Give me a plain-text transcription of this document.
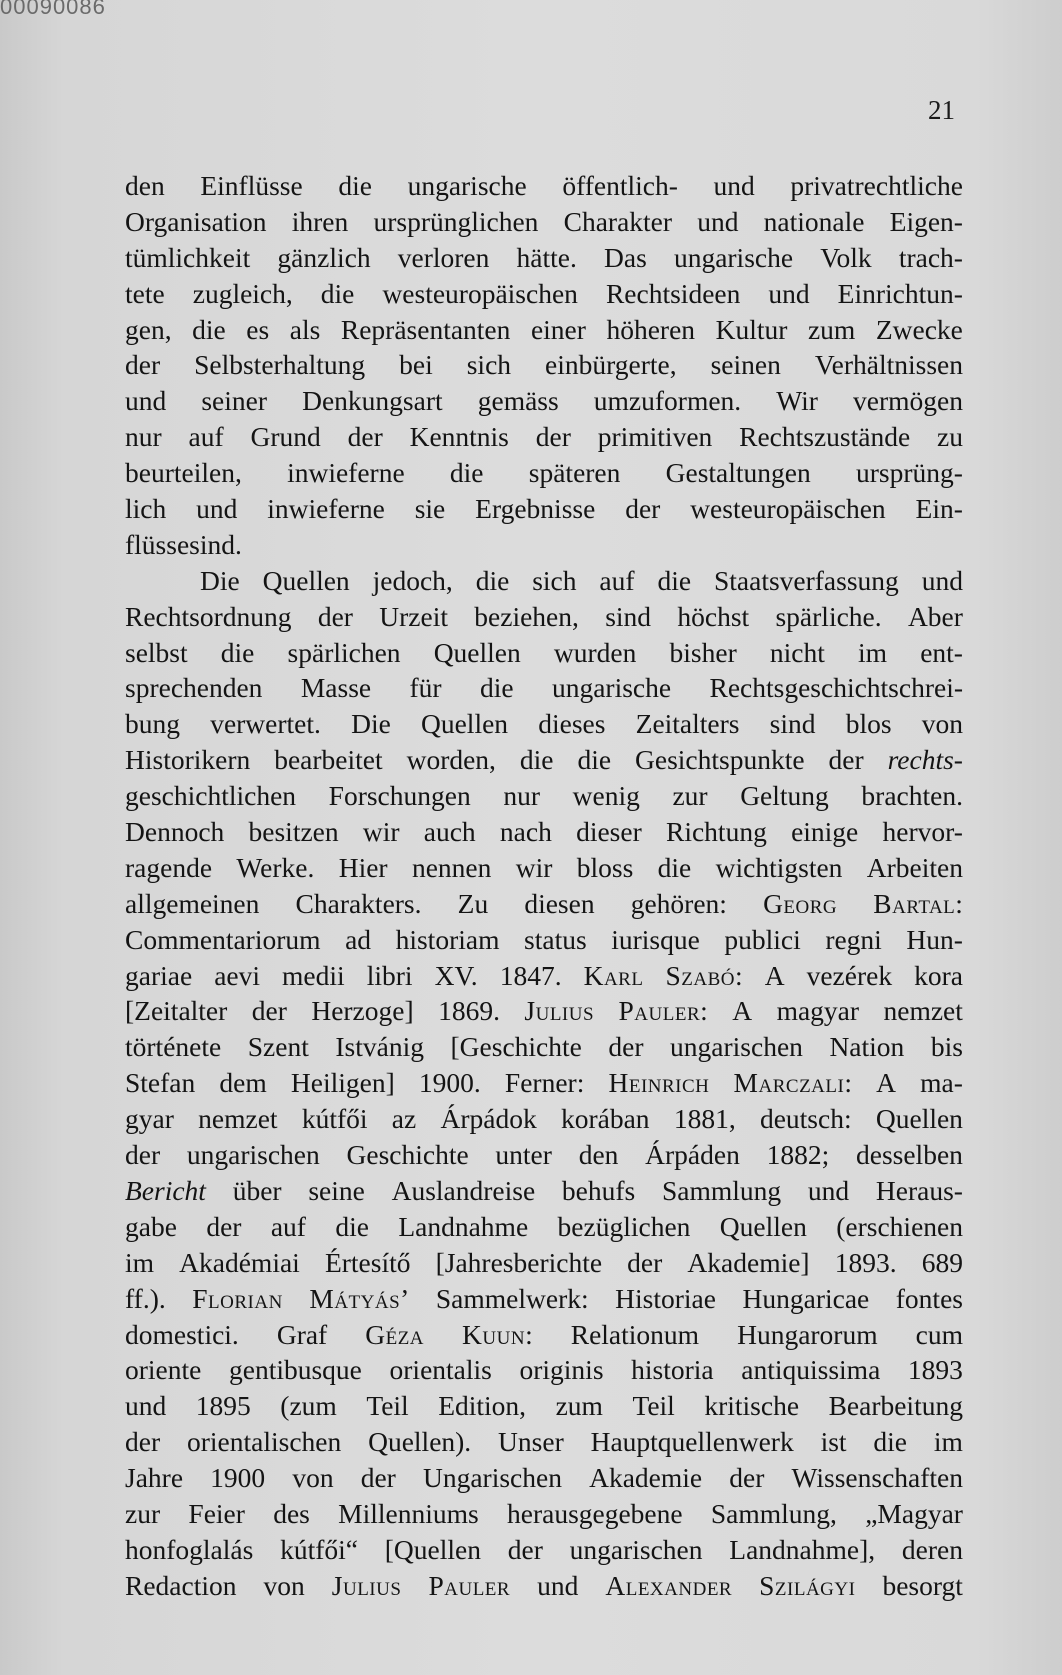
00090086
21
den Einflüsse die ungarische öffentlich- und privatrechtliche
Organisation ihren ursprünglichen Charakter und nationale Eigen-
tümlichkeit gänzlich verloren hätte. Das ungarische Volk trach-
tete zugleich, die westeuropäischen Rechtsideen und Einrichtun-
gen, die es als Repräsentanten einer höheren Kultur zum Zwecke
der Selbsterhaltung bei sich einbürgerte, seinen Verhältnissen
und seiner Denkungsart gemäss umzuformen. Wir vermögen
nur auf Grund der Kenntnis der primitiven Rechtszustände zu
beurteilen, inwieferne die späteren Gestaltungen ursprüng-
lich und inwieferne sie Ergebnisse der westeuropäischen Ein-
flüsse sind.
Die Quellen jedoch, die sich auf die Staatsverfassung und
Rechtsordnung der Urzeit beziehen, sind höchst spärliche. Aber
selbst die spärlichen Quellen wurden bisher nicht im ent-
sprechenden Masse für die ungarische Rechtsgeschichtschrei-
bung verwertet. Die Quellen dieses Zeitalters sind blos von
Historikern bearbeitet worden, die die Gesichtspunkte der rechts-
geschichtlichen Forschungen nur wenig zur Geltung brachten.
Dennoch besitzen wir auch nach dieser Richtung einige hervor-
ragende Werke. Hier nennen wir bloss die wichtigsten Arbeiten
allgemeinen Charakters. Zu diesen gehören: Georg Bartal:
Commentariorum ad historiam status iurisque publici regni Hun-
gariae aevi medii libri XV. 1847. Karl Szabó: A vezérek kora
[Zeitalter der Herzoge] 1869. Julius Pauler: A magyar nemzet
története Szent Istvánig [Geschichte der ungarischen Nation bis
Stefan dem Heiligen] 1900. Ferner: Heinrich Marczali: A ma-
gyar nemzet kútfői az Árpádok korában 1881, deutsch: Quellen
der ungarischen Geschichte unter den Árpáden 1882; desselben
Bericht über seine Auslandreise behufs Sammlung und Heraus-
gabe der auf die Landnahme bezüglichen Quellen (erschienen
im Akadémiai Értesítő [Jahresberichte der Akademie] 1893. 689
ff.). Florian Mátyás’ Sammelwerk: Historiae Hungaricae fontes
domestici. Graf Géza Kuun: Relationum Hungarorum cum
oriente gentibusque orientalis originis historia antiquissima 1893
und 1895 (zum Teil Edition, zum Teil kritische Bearbeitung
der orientalischen Quellen). Unser Hauptquellenwerk ist die im
Jahre 1900 von der Ungarischen Akademie der Wissenschaften
zur Feier des Millenniums herausgegebene Sammlung, „Magyar
honfoglalás kútfői“ [Quellen der ungarischen Landnahme], deren
Redaction von Julius Pauler und Alexander Szilágyi besorgt
